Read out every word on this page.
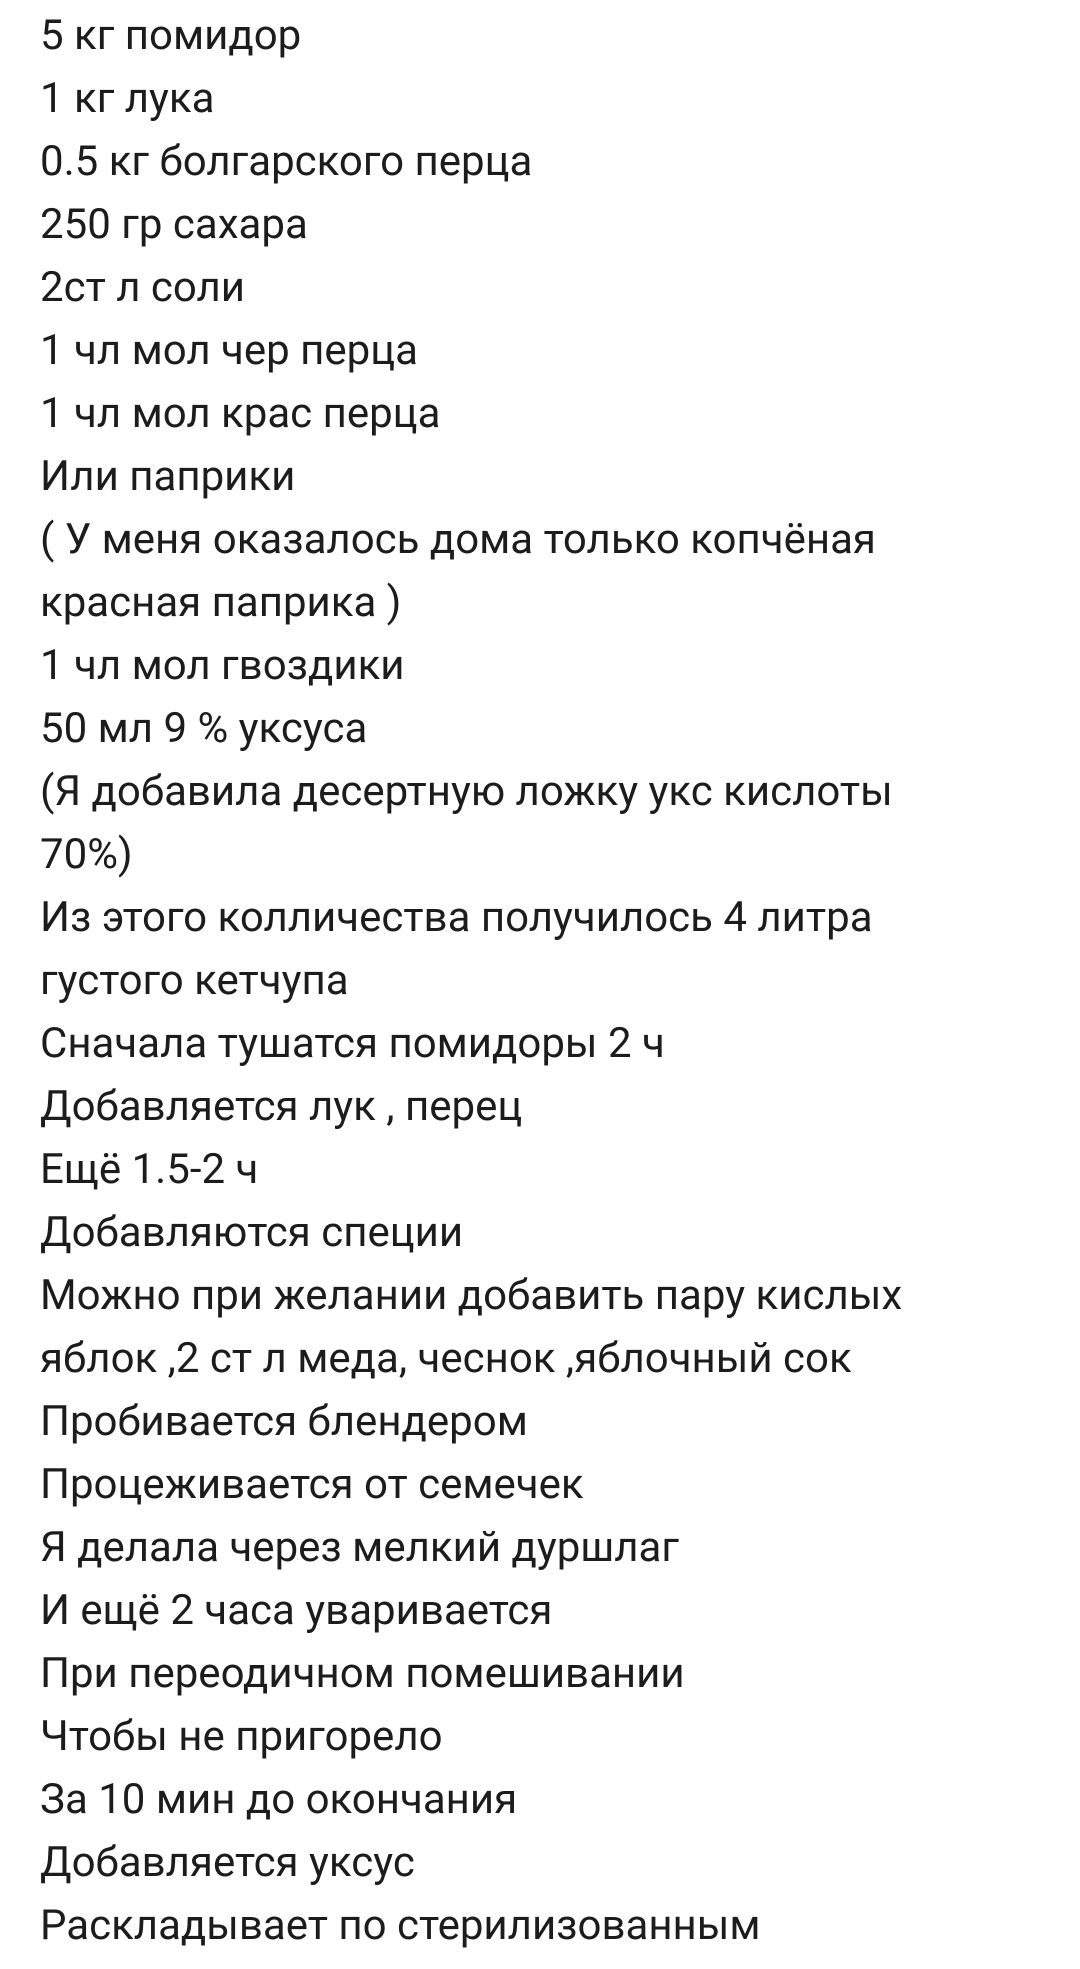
5 кг помидор
1 кг лука
0.5 кг болгарского перца
250 гр сахара
2ст л соли
1 чл мол чер перца
1 чл мол крас перца
Или паприки
( У меня оказалось дома только копчёная
красная паприка )
1 чл мол гвоздики
50 мл 9 % уксуса
(Я добавила десертную ложку укс кислоты
70%)
Из этого колличества получилось 4 литра
густого кетчупа
Сначала тушатся помидоры 2 ч
Добавляется лук , перец
Ещё 1.5-2 ч
Добавляются специи
Можно при желании добавить пару кислых
яблок ,2 ст л меда, чеснок ,яблочный сок
Пробивается блендером
Процеживается от семечек
Я делала через мелкий дуршлаг
И ещё 2 часа уваривается
При переодичном помешивании
Чтобы не пригорело
За 10 мин до окончания
Добавляется уксус
Раскладывает по стерилизованным
